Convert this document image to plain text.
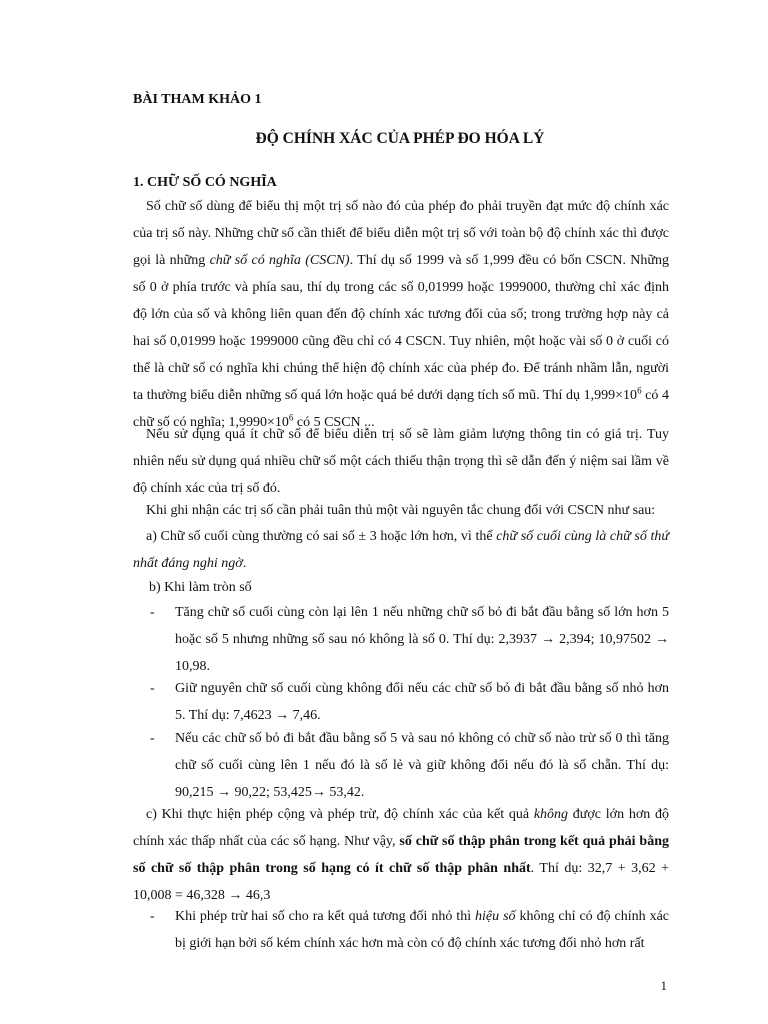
BÀI THAM KHẢO 1
ĐỘ CHÍNH XÁC CỦA PHÉP ĐO HÓA LÝ
1. CHỮ SỐ CÓ NGHĨA
Số chữ số dùng để biểu thị một trị số nào đó của phép đo phải truyền đạt mức độ chính xác của trị số này. Những chữ số cần thiết để biểu diễn một trị số với toàn bộ độ chính xác thì được gọi là những chữ số có nghĩa (CSCN). Thí dụ số 1999 và số 1,999 đều có bốn CSCN. Những số 0 ở phía trước và phía sau, thí dụ trong các số 0,01999 hoặc 1999000, thường chỉ xác định độ lớn của số và không liên quan đến độ chính xác tương đối của số; trong trường hợp này cả hai số 0,01999 hoặc 1999000 cũng đều chỉ có 4 CSCN. Tuy nhiên, một hoặc vài số 0 ở cuối có thể là chữ số có nghĩa khi chúng thể hiện độ chính xác của phép đo. Để tránh nhầm lẫn, người ta thường biểu diễn những số quá lớn hoặc quá bé dưới dạng tích số mũ. Thí dụ $1,999\times 10^6$ có 4 chữ số có nghĩa; $1,9990\times 10^6$ có 5 CSCN ...
Nếu sử dụng quá ít chữ số để biểu diễn trị số sẽ làm giảm lượng thông tin có giá trị. Tuy nhiên nếu sử dụng quá nhiều chữ số một cách thiếu thận trọng thì sẽ dẫn đến ý niệm sai lầm về độ chính xác của trị số đó.
Khi ghi nhận các trị số cần phải tuân thủ một vài nguyên tắc chung đối với CSCN như sau:
a) Chữ số cuối cùng thường có sai số ± 3 hoặc lớn hơn, vì thế chữ số cuối cùng là chữ số thứ nhất đáng nghi ngờ.
b) Khi làm tròn số
- Tăng chữ số cuối cùng còn lại lên 1 nếu những chữ số bỏ đi bắt đầu bằng số lớn hơn 5 hoặc số 5 nhưng những số sau nó không là số 0. Thí dụ: 2,3937 → 2,394; 10,97502 → 10,98.
- Giữ nguyên chữ số cuối cùng không đổi nếu các chữ số bỏ đi bắt đầu bằng số nhỏ hơn 5. Thí dụ: 7,4623 → 7,46.
- Nếu các chữ số bỏ đi bắt đầu bằng số 5 và sau nó không có chữ số nào trừ số 0 thì tăng chữ số cuối cùng lên 1 nếu đó là số lẻ và giữ không đổi nếu đó là số chẵn. Thí dụ: 90,215 → 90,22; 53,425→ 53,42.
c) Khi thực hiện phép cộng và phép trừ, độ chính xác của kết quả không được lớn hơn độ chính xác thấp nhất của các số hạng. Như vậy, số chữ số thập phân trong kết quả phải bằng số chữ số thập phân trong số hạng có ít chữ số thập phân nhất. Thí dụ: 32,7 + 3,62 + 10,008 = 46,328 → 46,3
- Khi phép trừ hai số cho ra kết quả tương đối nhỏ thì hiệu số không chỉ có độ chính xác bị giới hạn bởi số kém chính xác hơn mà còn có độ chính xác tương đối nhỏ hơn rất
1
